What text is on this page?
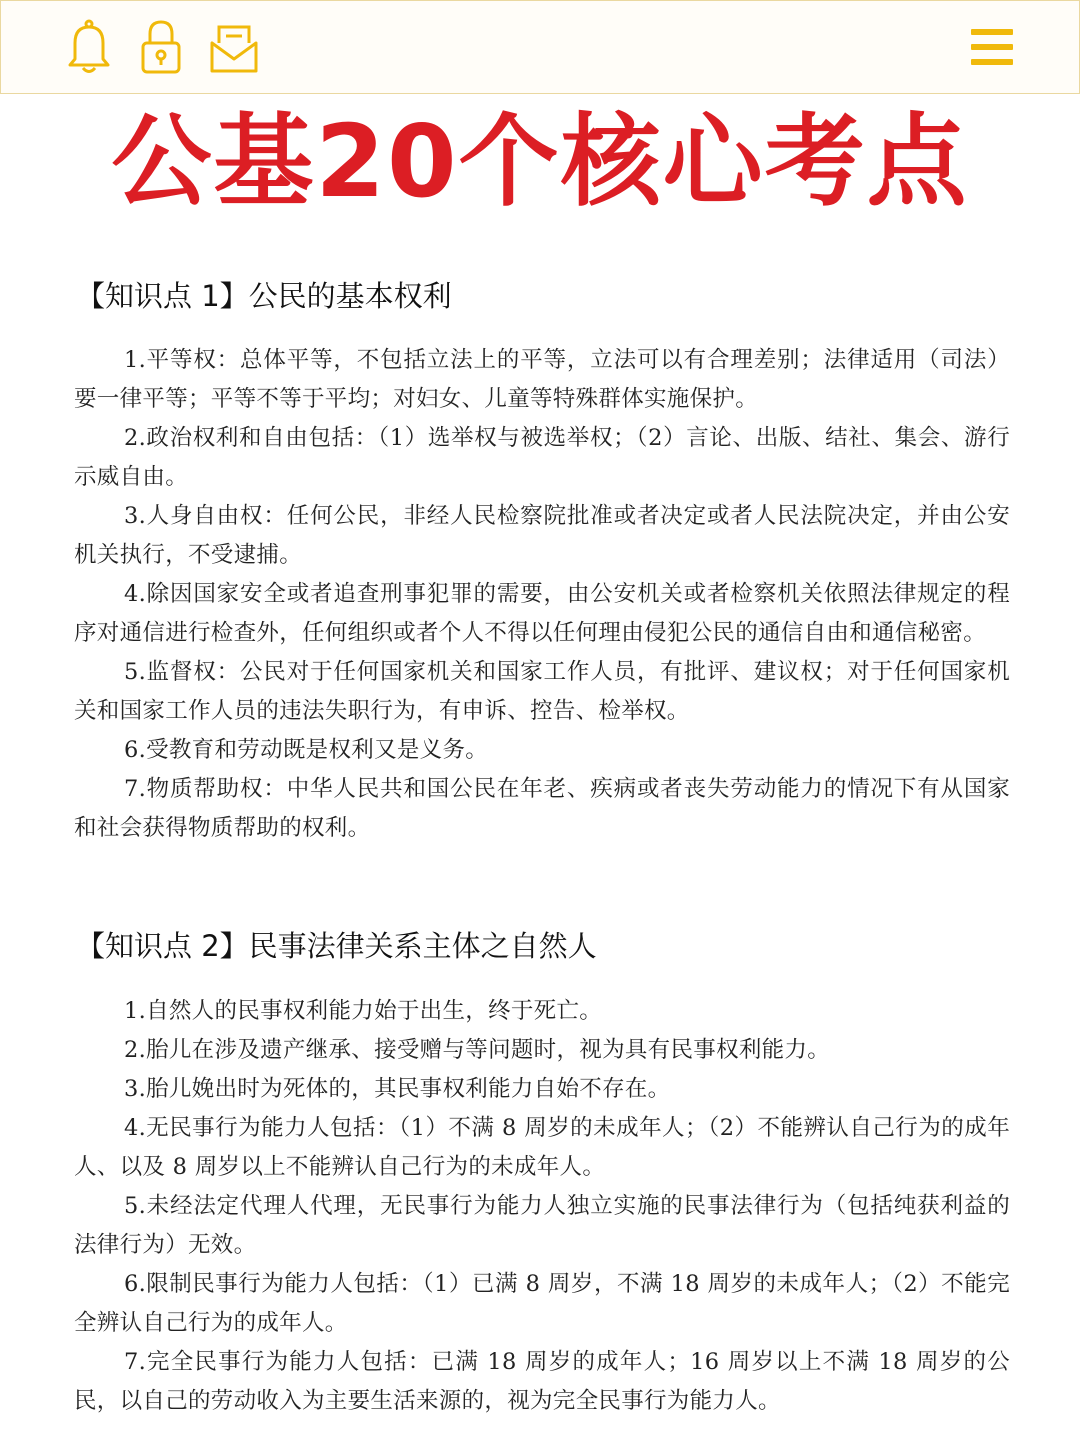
公基20个核心考点
【知识点 1】公民的基本权利

1.平等权：总体平等，不包括立法上的平等，立法可以有合理差别；法律适用（司法）要一律平等；平等不等于平均；对妇女、儿童等特殊群体实施保护。

2.政治权利和自由包括：（1）选举权与被选举权；（2）言论、出版、结社、集会、游行示威自由。

3.人身自由权：任何公民，非经人民检察院批准或者决定或者人民法院决定，并由公安机关执行，不受逮捕。

4.除因国家安全或者追查刑事犯罪的需要，由公安机关或者检察机关依照法律规定的程序对通信进行检查外，任何组织或者个人不得以任何理由侵犯公民的通信自由和通信秘密。

5.监督权：公民对于任何国家机关和国家工作人员，有批评、建议权；对于任何国家机关和国家工作人员的违法失职行为，有申诉、控告、检举权。

6.受教育和劳动既是权利又是义务。

7.物质帮助权：中华人民共和国公民在年老、疾病或者丧失劳动能力的情况下有从国家和社会获得物质帮助的权利。

【知识点 2】民事法律关系主体之自然人

1.自然人的民事权利能力始于出生，终于死亡。

2.胎儿在涉及遗产继承、接受赠与等问题时，视为具有民事权利能力。

3.胎儿娩出时为死体的，其民事权利能力自始不存在。

4.无民事行为能力人包括：（1）不满 8 周岁的未成年人；（2）不能辨认自己行为的成年人、以及 8 周岁以上不能辨认自己行为的未成年人。

5.未经法定代理人代理，无民事行为能力人独立实施的民事法律行为（包括纯获利益的法律行为）无效。

6.限制民事行为能力人包括：（1）已满 8 周岁，不满 18 周岁的未成年人；（2）不能完全辨认自己行为的成年人。

7.完全民事行为能力人包括：已满 18 周岁的成年人；16 周岁以上不满 18 周岁的公民，以自己的劳动收入为主要生活来源的，视为完全民事行为能力人。
